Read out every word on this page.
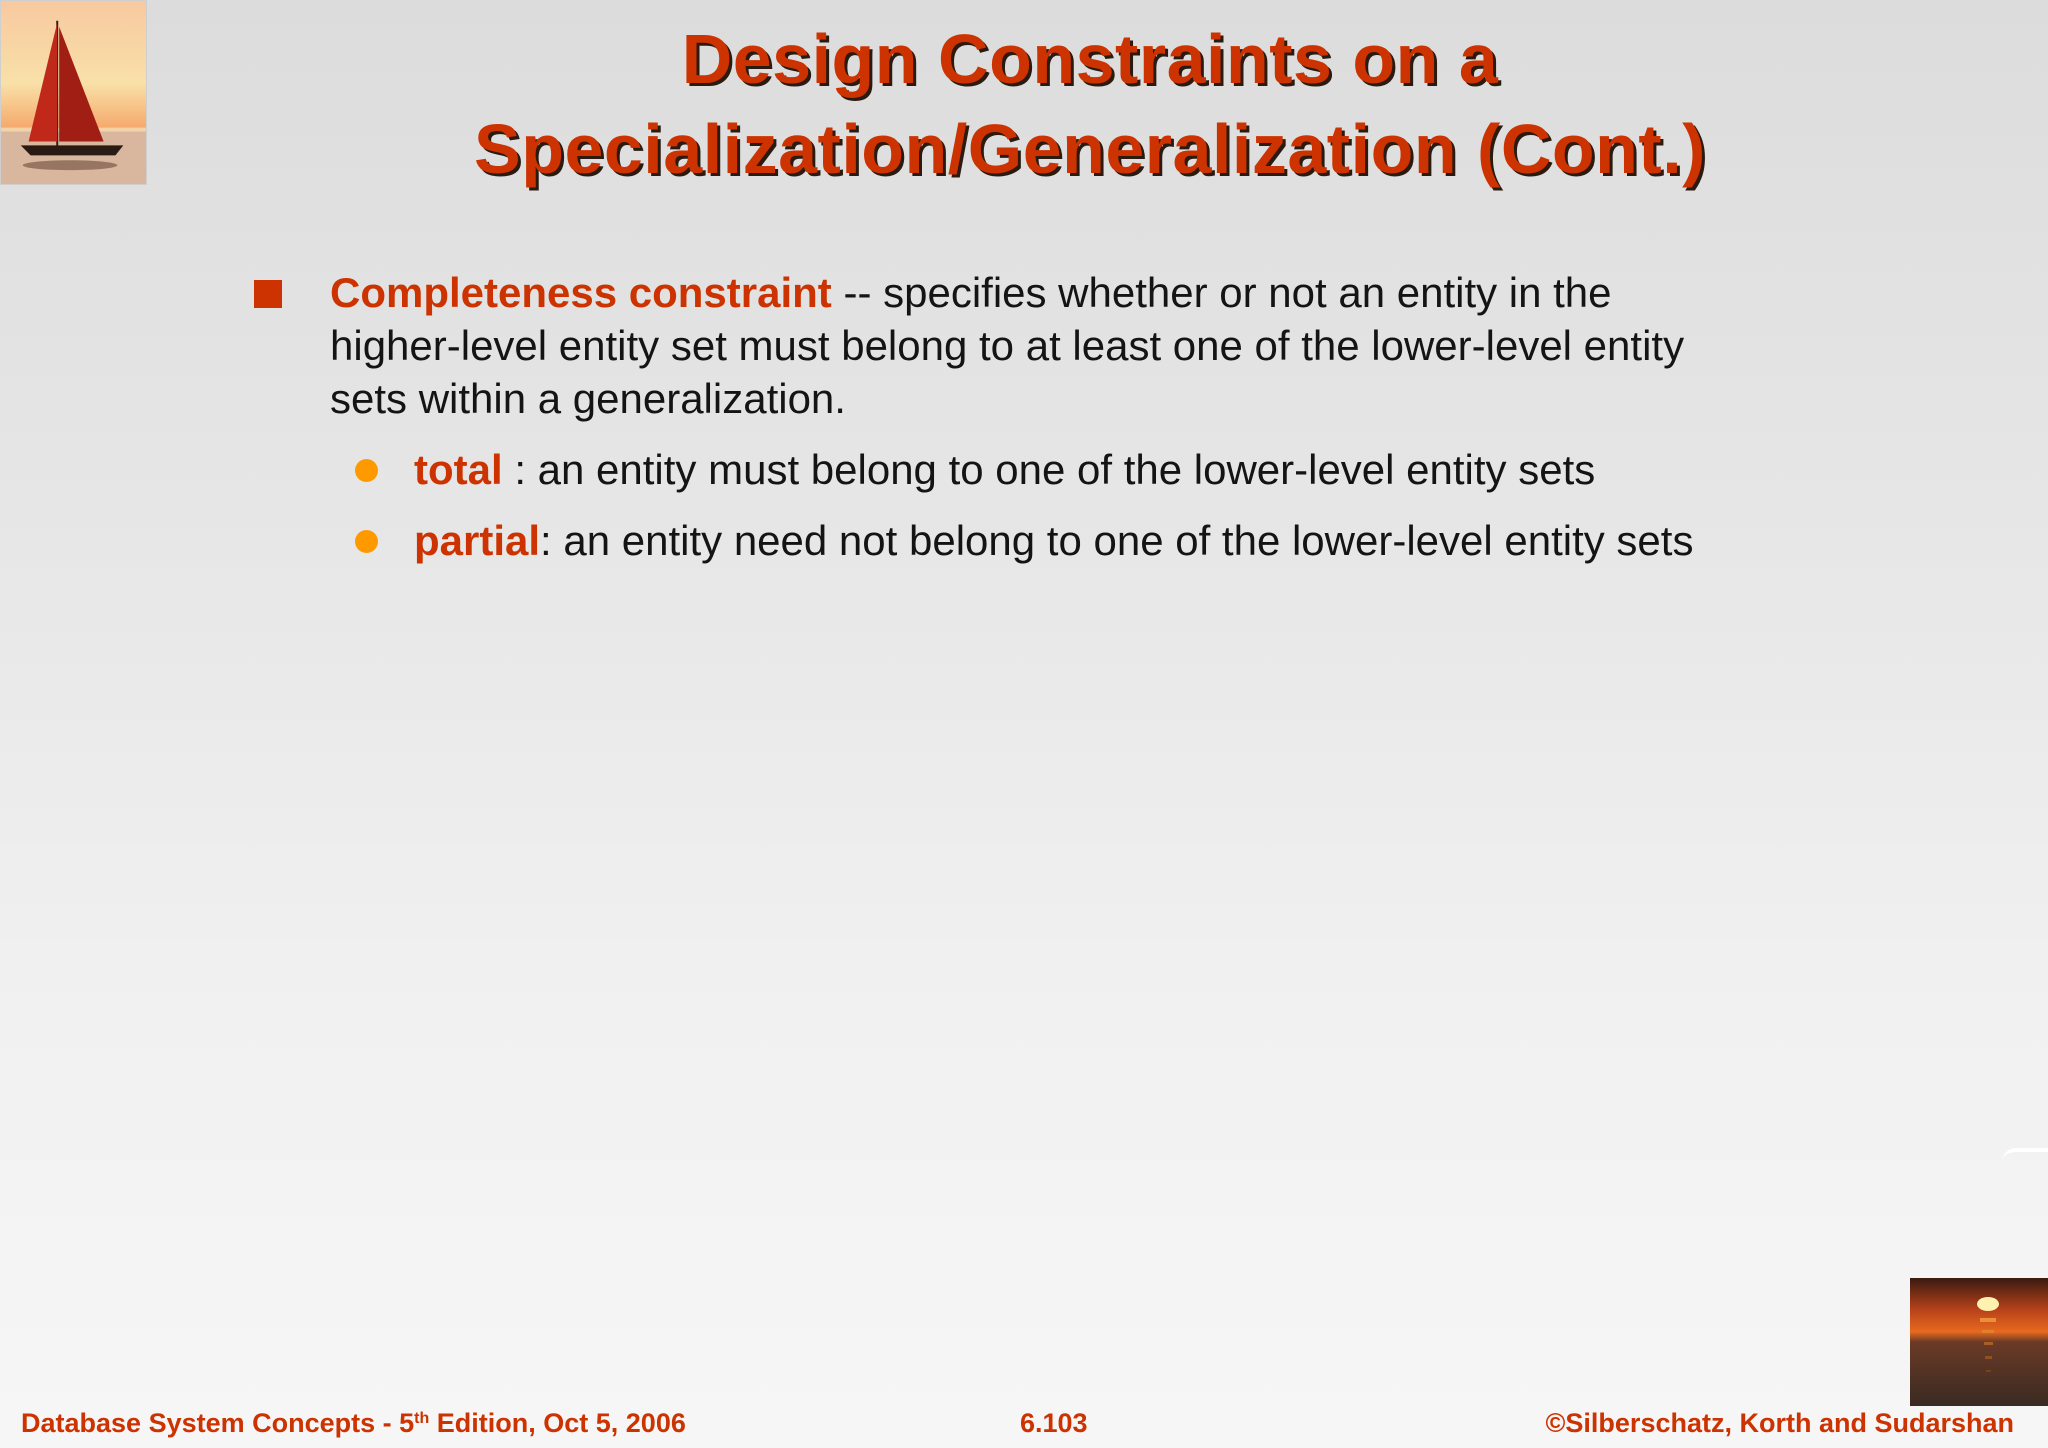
Design Constraints on a
Specialization/Generalization (Cont.)
Completeness constraint -- specifies whether or not an entity in the higher-level entity set must belong to at least one of the lower-level entity sets within a generalization.
total : an entity must belong to one of the lower-level entity sets
partial: an entity need not belong to one of the lower-level entity sets
Database System Concepts - 5th Edition, Oct 5, 2006	6.103	©Silberschatz, Korth and Sudarshan
